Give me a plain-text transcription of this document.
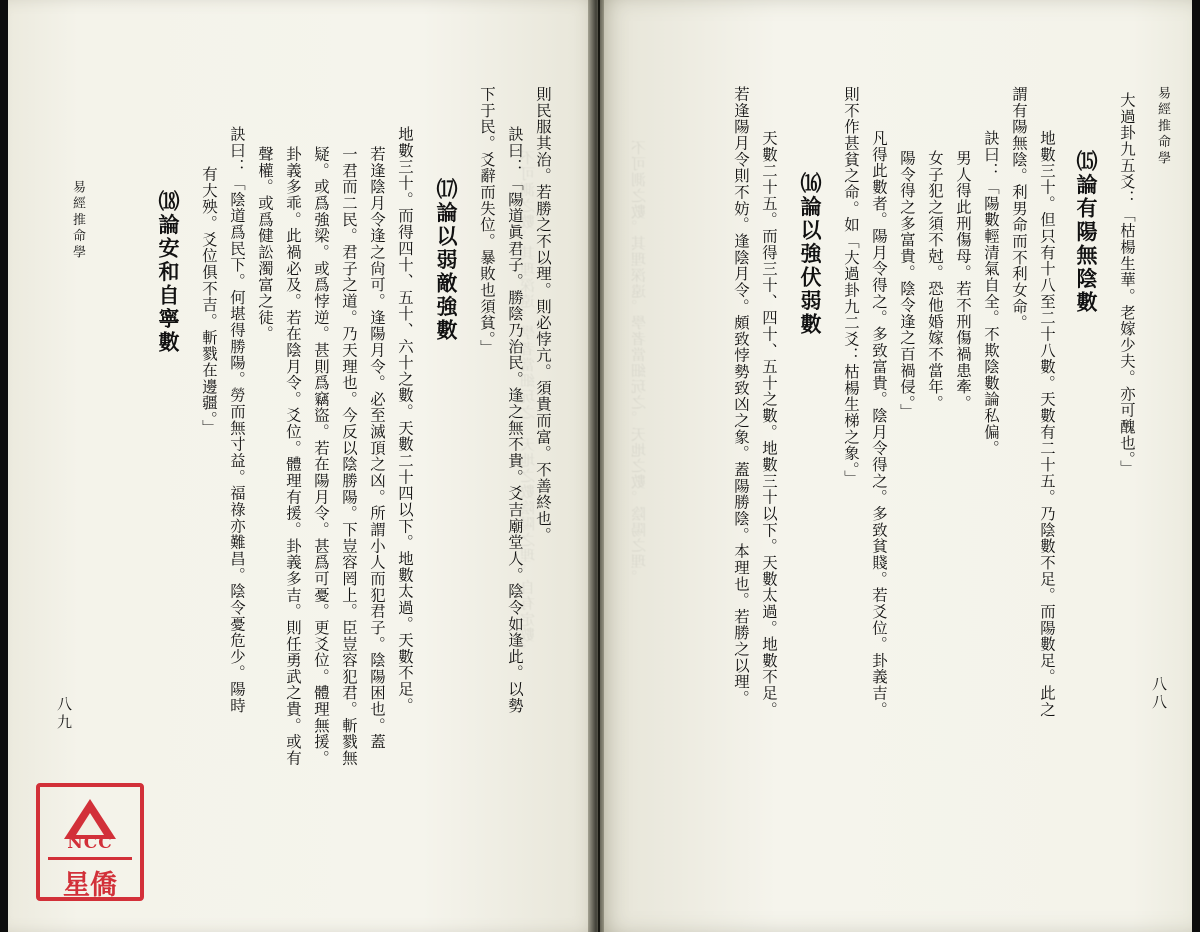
易經推命學
八八
不可測之數。其理深遠。學者當細玩之。天地之數。陰陽之理。	大過卦九五爻：「枯楊生華。老嫁少夫。亦可醜也。」
⒂論有陽無陰數
地數三十。但只有十八至二十八數。天數有二十五。乃陰數不足。而陽數足。此之
謂有陽無陰。利男命而不利女命。
訣曰：「陽數輕清氣自全。不欺陰數論私偏。
男人得此刑傷母。若不刑傷禍患牽。
女子犯之須不尅。恐他婚嫁不當年。
陽令得之多富貴。陰令逢之百禍侵。」
凡得此數者。陽月令得之。多致富貴。陰月令得之。多致貧賤。若爻位。卦義吉。
則不作甚貧之命。如「大過卦九二爻：枯楊生梯之象。」
⒃論以強伏弱數
天數二十五。而得三十、四十、五十之數。地數三十以下。天數太過。地數不足。
若逢陽月令則不妨。逢陰月令。頗致悖勢致凶之象。蓋陽勝陰。本理也。若勝之以理。
易經推命學
八九
不可測之數。其理深遠。學者當細玩之。天地之數陰陽之理。自有定數。
則民服其治。若勝之不以理。則必悖亢。須貴而富。不善終也。
訣曰：「陽道眞君子。勝陰乃治民。逢之無不貴。爻吉廟堂人。陰令如逢此。以勢
下于民。爻辭而失位。暴敗也須貧。」
⒄論以弱敵強數
地數三十。而得四十、五十、六十之數。天數二十四以下。地數太過。天數不足。
若逢陰月令逢之尙可。逢陽月令。必至滅頂之凶。所謂小人而犯君子。陰陽困也。蓋
一君而二民。君子之道。乃天理也。今反以陰勝陽。下豈容罔上。臣豈容犯君。斬戮無
疑。或爲強梁。或爲悖逆。甚則爲竊盜。若在陽月令。甚爲可憂。更爻位。體理無援。
卦義多乖。此禍必及。若在陰月令。爻位。體理有援。卦義多吉。則任勇武之貴。或有
聲權。或爲健訟濁富之徒。
訣曰：「陰道爲民下。何堪得勝陽。勞而無寸益。福祿亦難昌。陰令憂危少。陽時
有大殃。爻位俱不吉。斬戮在邊疆。」
⒅論安和自寧數
NCC
星僑
